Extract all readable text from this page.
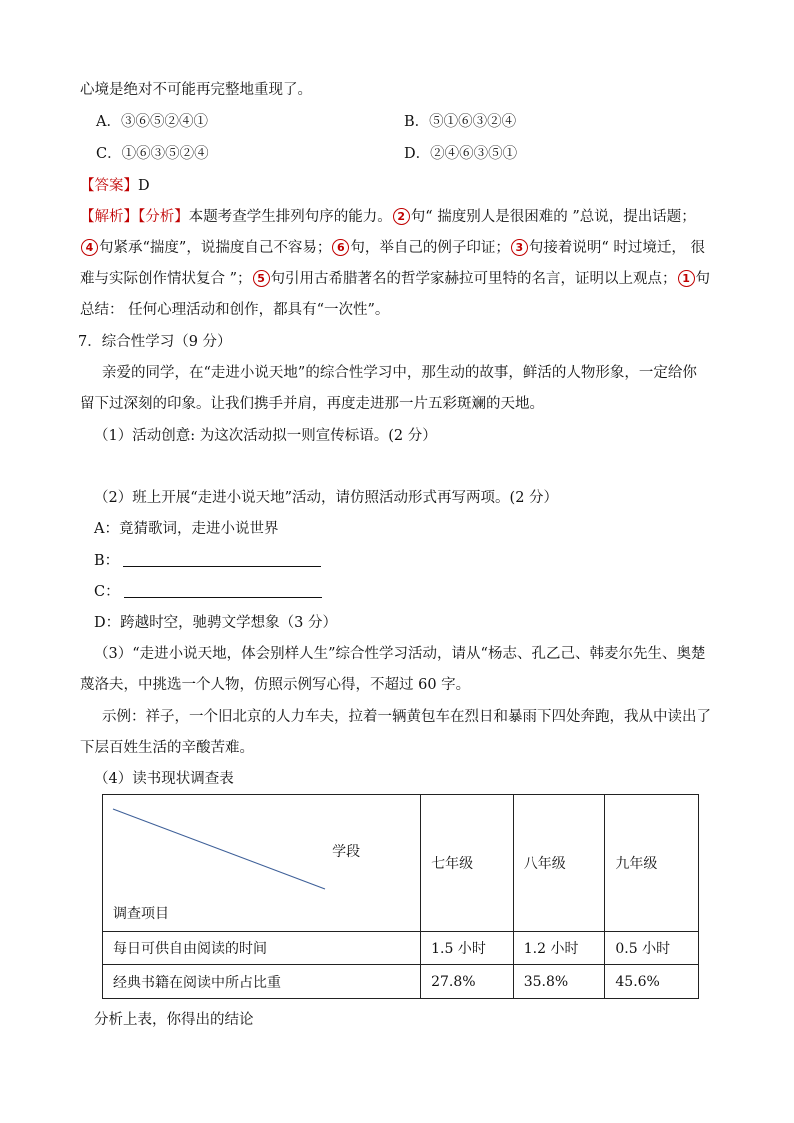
心境是绝对不可能再完整地重现了。
A．③⑥⑤②④①	B．⑤①⑥③②④
C．①⑥③⑤②④	D．②④⑥③⑤①
【答案】D
【解析】【分析】本题考查学生排列句序的能力。 2 句“ 揣度别人是很困难的 ”总说，提出话题；
4 句紧承“揣度”，说揣度自己不容易； 6 句，举自己的例子印证； 3 句接着说明“ 时过境迁， 很
难与实际创作情状复合 ”； 5 句引用古希腊著名的哲学家赫拉可里特的名言，证明以上观点； 1 句
总结： 任何心理活动和创作，都具有“一次性”。
7．综合性学习（9 分）
亲爱的同学，在“走进小说天地”的综合性学习中，那生动的故事，鲜活的人物形象，一定给你
留下过深刻的印象。让我们携手并肩，再度走进那一片五彩斑斓的天地。
（1）活动创意: 为这次活动拟一则宣传标语。(2 分）
（2）班上开展“走进小说天地”活动，请仿照活动形式再写两项。(2 分）
A：竟猜歌词，走进小说世界
B：
C：
D：跨越时空，驰骋文学想象（3 分）
（3）“走进小说天地，体会别样人生”综合性学习活动，请从“杨志、孔乙己、韩麦尔先生、奥楚
蔑洛夫，中挑选一个人物，仿照示例写心得，不超过 60 字。
示例：祥子，一个旧北京的人力车夫，拉着一辆黄包车在烈日和暴雨下四处奔跑，我从中读出了
下层百姓生活的辛酸苦难。
（4）读书现状调查表
学段
调查项目	七年级	八年级	九年级
每日可供自由阅读的时间	1.5 小时	1.2 小时	0.5 小时
经典书籍在阅读中所占比重	27.8%	35.8%	45.6%
分析上表，你得出的结论
